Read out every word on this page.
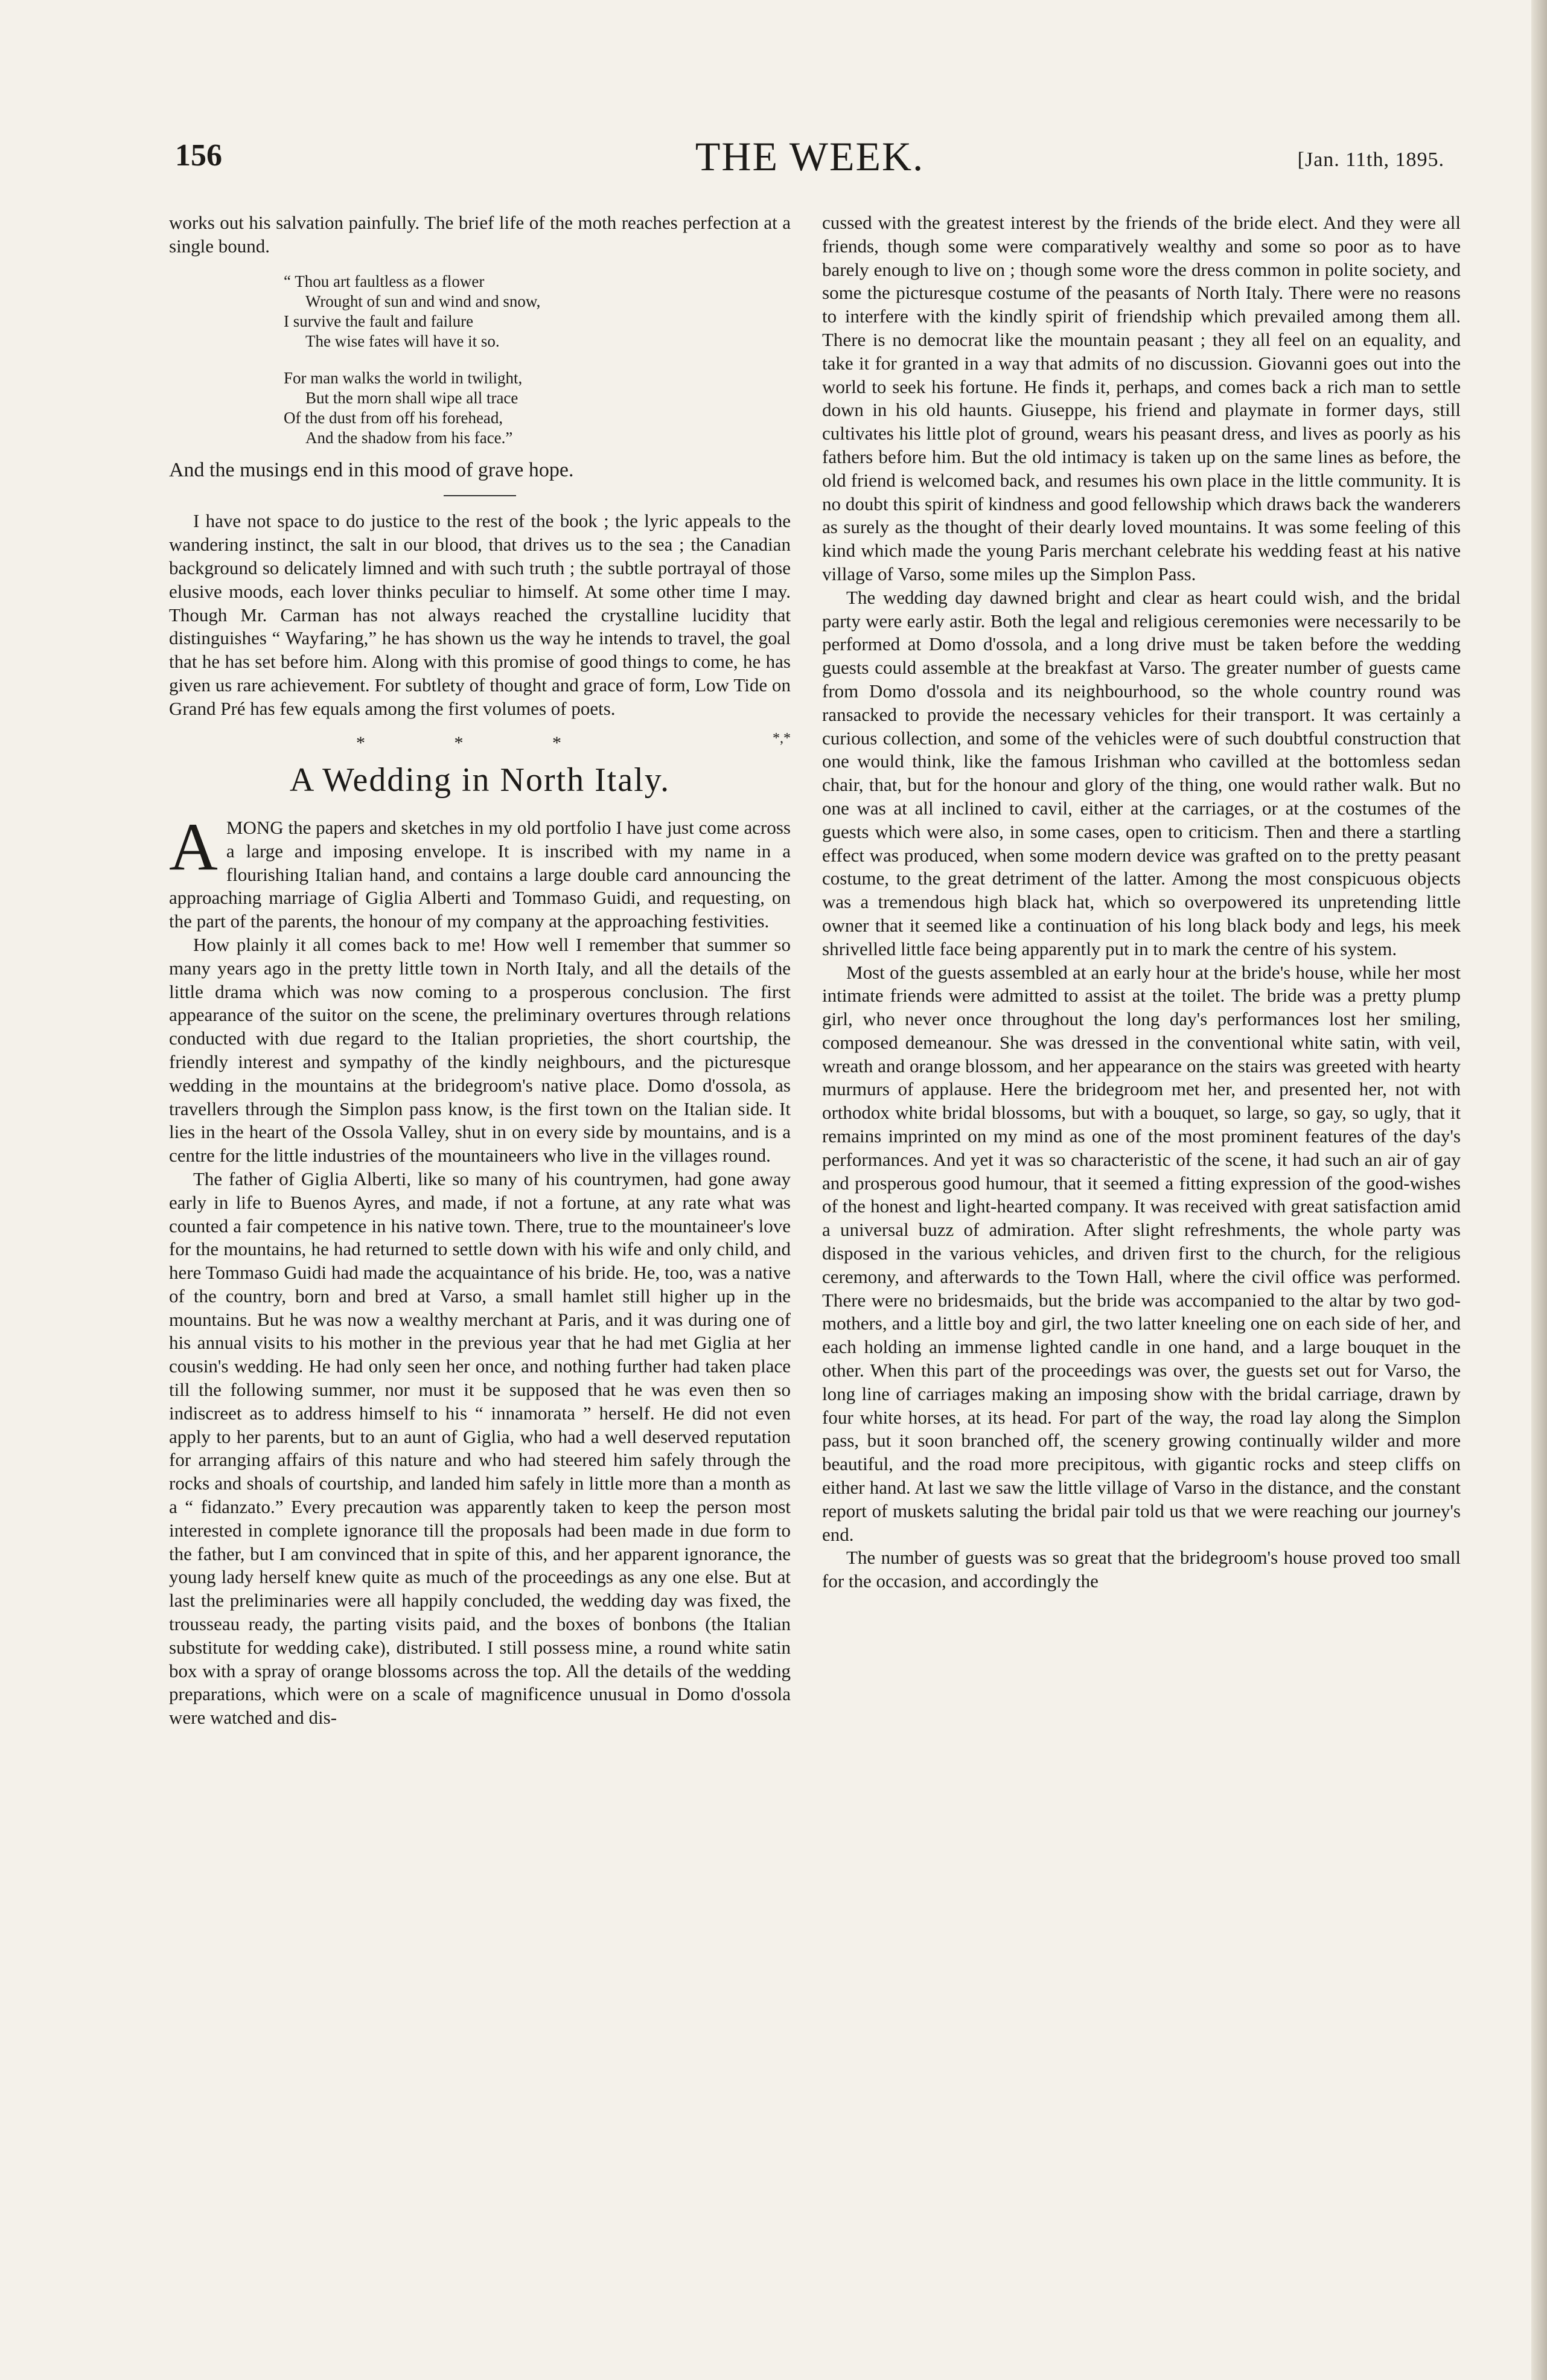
156	THE WEEK.	[Jan. 11th, 1895.

works out his salvation painfully. The brief life of the moth reaches perfection at a single bound.

“ Thou art faultless as a flower
Wrought of sun and wind and snow,
I survive the fault and failure
The wise fates will have it so.
For man walks the world in twilight,
But the morn shall wipe all trace
Of the dust from off his forehead,
And the shadow from his face.”

And the musings end in this mood of grave hope.

I have not space to do justice to the rest of the book ; the lyric appeals to the wandering instinct, the salt in our blood, that drives us to the sea ; the Canadian background so delicately limned and with such truth ; the subtle portrayal of those elusive moods, each lover thinks peculiar to himself. At some other time I may. Though Mr. Carman has not always reached the crystalline lucidity that distinguishes “ Wayfaring,” he has shown us the way he intends to travel, the goal that he has set before him. Along with this promise of good things to come, he has given us rare achievement. For subtlety of thought and grace of form, Low Tide on Grand Pré has few equals among the first volumes of poets.

* * *	*,*
A Wedding in North Italy.

AMONG the papers and sketches in my old portfolio I have just come across a large and imposing envelope. It is inscribed with my name in a flourishing Italian hand, and contains a large double card announcing the approaching marriage of Giglia Alberti and Tommaso Guidi, and requesting, on the part of the parents, the honour of my company at the approaching festivities.

How plainly it all comes back to me! How well I remember that summer so many years ago in the pretty little town in North Italy, and all the details of the little drama which was now coming to a prosperous conclusion. The first appearance of the suitor on the scene, the preliminary overtures through relations conducted with due regard to the Italian proprieties, the short courtship, the friendly interest and sympathy of the kindly neighbours, and the picturesque wedding in the mountains at the bridegroom's native place. Domo d'ossola, as travellers through the Simplon pass know, is the first town on the Italian side. It lies in the heart of the Ossola Valley, shut in on every side by mountains, and is a centre for the little industries of the mountaineers who live in the villages round.

The father of Giglia Alberti, like so many of his countrymen, had gone away early in life to Buenos Ayres, and made, if not a fortune, at any rate what was counted a fair competence in his native town. There, true to the mountaineer's love for the mountains, he had returned to settle down with his wife and only child, and here Tommaso Guidi had made the acquaintance of his bride. He, too, was a native of the country, born and bred at Varso, a small hamlet still higher up in the mountains. But he was now a wealthy merchant at Paris, and it was during one of his annual visits to his mother in the previous year that he had met Giglia at her cousin's wedding. He had only seen her once, and nothing further had taken place till the following summer, nor must it be supposed that he was even then so indiscreet as to address himself to his “ innamorata ” herself. He did not even apply to her parents, but to an aunt of Giglia, who had a well deserved reputation for arranging affairs of this nature and who had steered him safely through the rocks and shoals of courtship, and landed him safely in little more than a month as a “ fidanzato.” Every precaution was apparently taken to keep the person most interested in complete ignorance till the proposals had been made in due form to the father, but I am convinced that in spite of this, and her apparent ignorance, the young lady herself knew quite as much of the proceedings as any one else. But at last the preliminaries were all happily concluded, the wedding day was fixed, the trousseau ready, the parting visits paid, and the boxes of bonbons (the Italian substitute for wedding cake), distributed. I still possess mine, a round white satin box with a spray of orange blossoms across the top. All the details of the wedding preparations, which were on a scale of magnificence unusual in Domo d'ossola were watched and dis-

cussed with the greatest interest by the friends of the bride elect. And they were all friends, though some were comparatively wealthy and some so poor as to have barely enough to live on ; though some wore the dress common in polite society, and some the picturesque costume of the peasants of North Italy. There were no reasons to interfere with the kindly spirit of friendship which prevailed among them all. There is no democrat like the mountain peasant ; they all feel on an equality, and take it for granted in a way that admits of no discussion. Giovanni goes out into the world to seek his fortune. He finds it, perhaps, and comes back a rich man to settle down in his old haunts. Giuseppe, his friend and playmate in former days, still cultivates his little plot of ground, wears his peasant dress, and lives as poorly as his fathers before him. But the old intimacy is taken up on the same lines as before, the old friend is welcomed back, and resumes his own place in the little community. It is no doubt this spirit of kindness and good fellowship which draws back the wanderers as surely as the thought of their dearly loved mountains. It was some feeling of this kind which made the young Paris merchant celebrate his wedding feast at his native village of Varso, some miles up the Simplon Pass.

The wedding day dawned bright and clear as heart could wish, and the bridal party were early astir. Both the legal and religious ceremonies were necessarily to be performed at Domo d'ossola, and a long drive must be taken before the wedding guests could assemble at the breakfast at Varso. The greater number of guests came from Domo d'ossola and its neighbourhood, so the whole country round was ransacked to provide the necessary vehicles for their transport. It was certainly a curious collection, and some of the vehicles were of such doubtful construction that one would think, like the famous Irishman who cavilled at the bottomless sedan chair, that, but for the honour and glory of the thing, one would rather walk. But no one was at all inclined to cavil, either at the carriages, or at the costumes of the guests which were also, in some cases, open to criticism. Then and there a startling effect was produced, when some modern device was grafted on to the pretty peasant costume, to the great detriment of the latter. Among the most conspicuous objects was a tremendous high black hat, which so overpowered its unpretending little owner that it seemed like a continuation of his long black body and legs, his meek shrivelled little face being apparently put in to mark the centre of his system.

Most of the guests assembled at an early hour at the bride's house, while her most intimate friends were admitted to assist at the toilet. The bride was a pretty plump girl, who never once throughout the long day's performances lost her smiling, composed demeanour. She was dressed in the conventional white satin, with veil, wreath and orange blossom, and her appearance on the stairs was greeted with hearty murmurs of applause. Here the bridegroom met her, and presented her, not with orthodox white bridal blossoms, but with a bouquet, so large, so gay, so ugly, that it remains imprinted on my mind as one of the most prominent features of the day's performances. And yet it was so characteristic of the scene, it had such an air of gay and prosperous good humour, that it seemed a fitting expression of the good-wishes of the honest and light-hearted company. It was received with great satisfaction amid a universal buzz of admiration. After slight refreshments, the whole party was disposed in the various vehicles, and driven first to the church, for the religious ceremony, and afterwards to the Town Hall, where the civil office was performed. There were no bridesmaids, but the bride was accompanied to the altar by two god-mothers, and a little boy and girl, the two latter kneeling one on each side of her, and each holding an immense lighted candle in one hand, and a large bouquet in the other. When this part of the proceedings was over, the guests set out for Varso, the long line of carriages making an imposing show with the bridal carriage, drawn by four white horses, at its head. For part of the way, the road lay along the Simplon pass, but it soon branched off, the scenery growing continually wilder and more beautiful, and the road more precipitous, with gigantic rocks and steep cliffs on either hand. At last we saw the little village of Varso in the distance, and the constant report of muskets saluting the bridal pair told us that we were reaching our journey's end.

The number of guests was so great that the bridegroom's house proved too small for the occasion, and accordingly the
